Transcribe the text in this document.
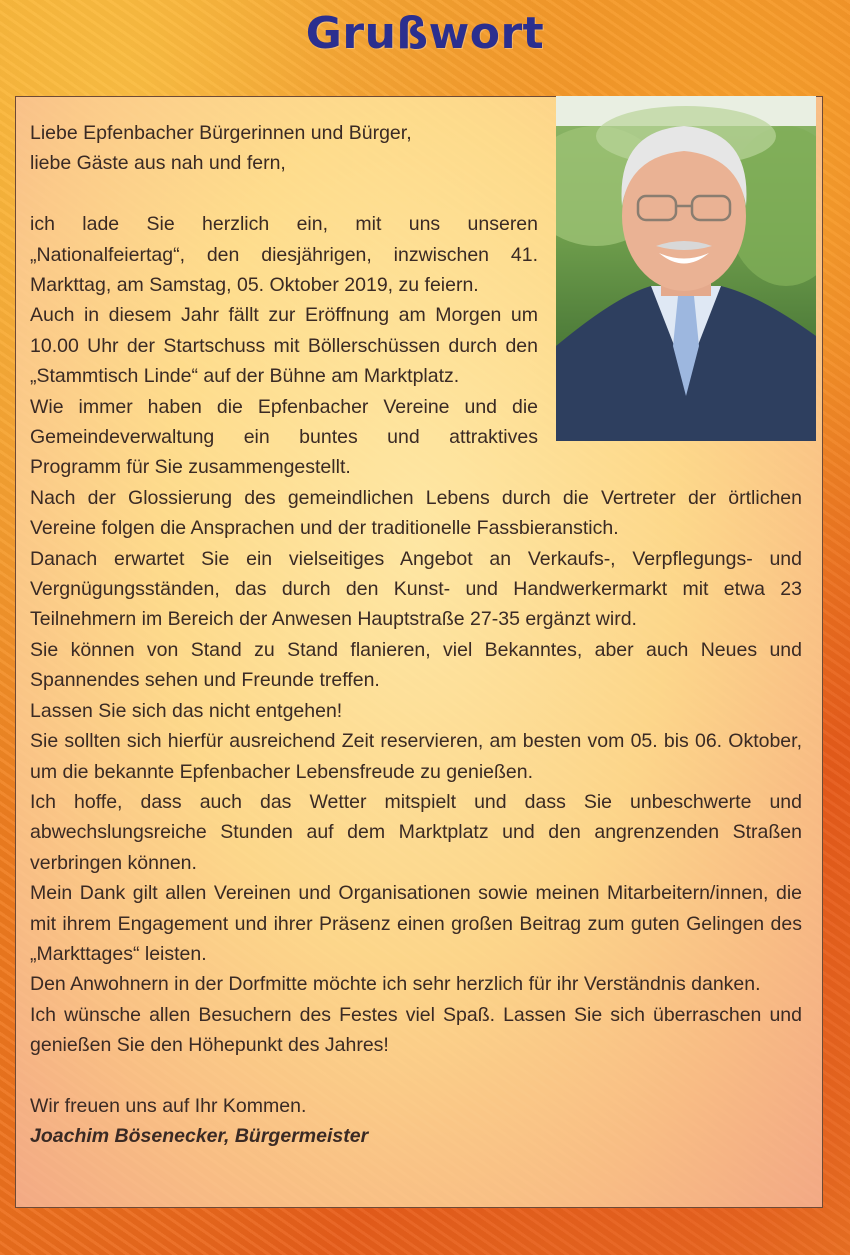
Grußwort

Liebe Epfenbacher Bürgerinnen und Bürger,

liebe Gäste aus nah und fern,

ich lade Sie herzlich ein, mit uns unseren „Nationalfeiertag“, den diesjährigen, inzwischen 41. Markttag, am Samstag, 05. Oktober 2019, zu feiern.

Auch in diesem Jahr fällt zur Eröffnung am Morgen um 10.00 Uhr der Startschuss mit Böllerschüssen durch den „Stammtisch Linde“ auf der Bühne am Marktplatz.

Wie immer haben die Epfenbacher Vereine und die Gemeindeverwaltung ein buntes und attraktives Programm für Sie zusammengestellt.

Nach der Glossierung des gemeindlichen Lebens durch die Vertreter der örtlichen Vereine folgen die Ansprachen und der traditionelle Fassbieranstich.

Danach erwartet Sie ein vielseitiges Angebot an Verkaufs-, Verpflegungs- und Vergnügungsständen, das durch den Kunst- und Handwerkermarkt mit etwa 23 Teilnehmern im Bereich der Anwesen Hauptstraße 27-35 ergänzt wird.

Sie können von Stand zu Stand flanieren, viel Bekanntes, aber auch Neues und Spannendes sehen und Freunde treffen.

Lassen Sie sich das nicht entgehen!

Sie sollten sich hierfür ausreichend Zeit reservieren, am besten vom 05. bis 06. Oktober, um die bekannte Epfenbacher Lebensfreude zu genießen.

Ich hoffe, dass auch das Wetter mitspielt und dass Sie unbeschwerte und abwechslungsreiche Stunden auf dem Marktplatz und den angrenzenden Straßen verbringen können.

Mein Dank gilt allen Vereinen und Organisationen sowie meinen Mitarbeitern/innen, die mit ihrem Engagement und ihrer Präsenz einen großen Beitrag zum guten Gelingen des „Markttages“ leisten.

Den Anwohnern in der Dorfmitte möchte ich sehr herzlich für ihr Verständnis danken.

Ich wünsche allen Besuchern des Festes viel Spaß. Lassen Sie sich überraschen und genießen Sie den Höhepunkt des Jahres!

Wir freuen uns auf Ihr Kommen.

Joachim Bösenecker, Bürgermeister
